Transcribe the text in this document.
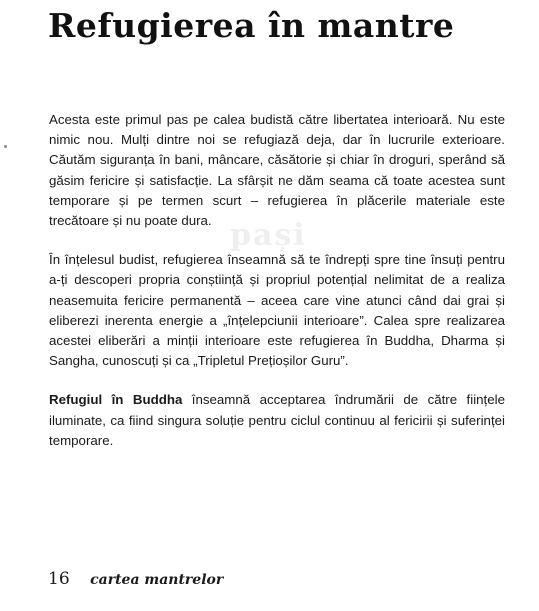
pași
Refugierea în mantre

Acesta este primul pas pe calea budistă către libertatea interioară. Nu este nimic nou. Mulți dintre noi se refugiază deja, dar în lucrurile exterioare. Căutăm siguranța în bani, mâncare, căsătorie și chiar în droguri, sperând să găsim fericire și satisfacție. La sfârșit ne dăm seama că toate acestea sunt temporare și pe termen scurt – refugierea în plăcerile materiale este trecătoare și nu poate dura.

În înțelesul budist, refugierea înseamnă să te îndrepți spre tine însuți pentru a-ți descoperi propria conștiință și propriul potențial nelimitat de a realiza neasemuita fericire permanentă – aceea care vine atunci când dai grai și eliberezi inerenta energie a „înțelepciunii interioare”. Calea spre realizarea acestei eliberări a minții interioare este refugierea în Buddha, Dharma și Sangha, cunoscuți și ca „Tripletul Prețioșilor Guru”.

Refugiul în Buddha înseamnă acceptarea îndrumării de către ființele iluminate, ca fiind singura soluție pentru ciclul continuu al fericirii și suferinței temporare.

16 cartea mantrelor
